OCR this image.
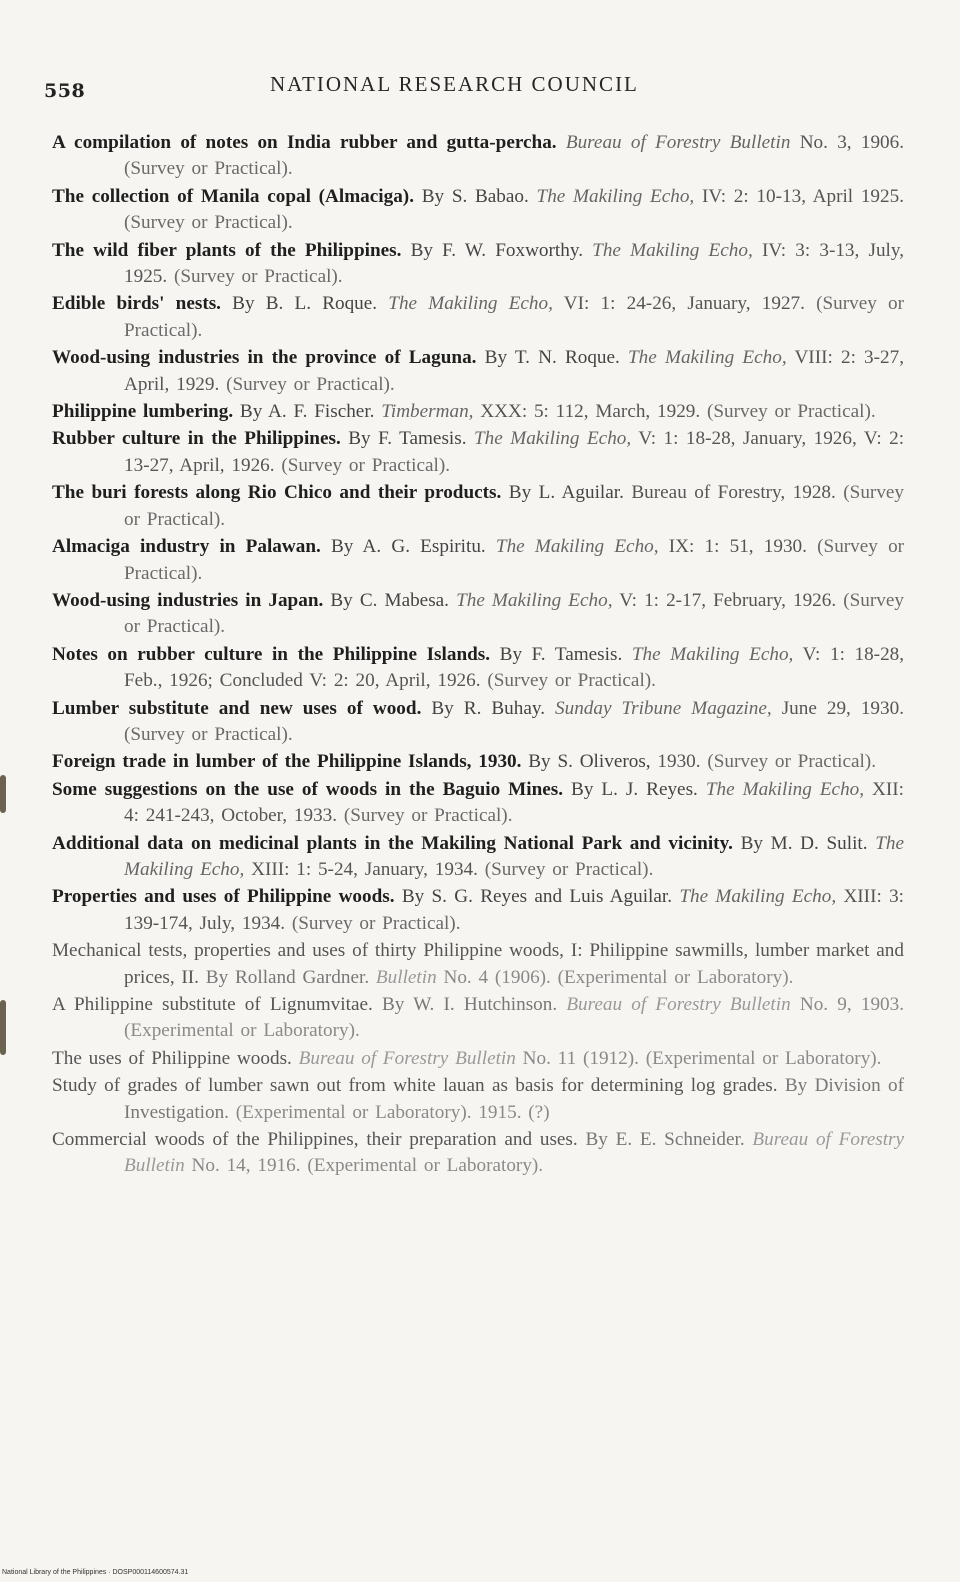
558	NATIONAL RESEARCH COUNCIL
A compilation of notes on India rubber and gutta-percha. Bureau of Forestry Bulletin No. 3, 1906. (Survey or Practical).
The collection of Manila copal (Almaciga). By S. Babao. The Makiling Echo, IV: 2: 10-13, April 1925. (Survey or Practical).
The wild fiber plants of the Philippines. By F. W. Foxworthy. The Makiling Echo, IV: 3: 3-13, July, 1925. (Survey or Practical).
Edible birds' nests. By B. L. Roque. The Makiling Echo, VI: 1: 24-26, January, 1927. (Survey or Practical).
Wood-using industries in the province of Laguna. By T. N. Roque. The Makiling Echo, VIII: 2: 3-27, April, 1929. (Survey or Practical).
Philippine lumbering. By A. F. Fischer. Timberman, XXX: 5: 112, March, 1929. (Survey or Practical).
Rubber culture in the Philippines. By F. Tamesis. The Makiling Echo, V: 1: 18-28, January, 1926, V: 2: 13-27, April, 1926. (Survey or Practical).
The buri forests along Rio Chico and their products. By L. Aguilar. Bureau of Forestry, 1928. (Survey or Practical).
Almaciga industry in Palawan. By A. G. Espiritu. The Makiling Echo, IX: 1: 51, 1930. (Survey or Practical).
Wood-using industries in Japan. By C. Mabesa. The Makiling Echo, V: 1: 2-17, February, 1926. (Survey or Practical).
Notes on rubber culture in the Philippine Islands. By F. Tamesis. The Makiling Echo, V: 1: 18-28, Feb., 1926; Concluded V: 2: 20, April, 1926. (Survey or Practical).
Lumber substitute and new uses of wood. By R. Buhay. Sunday Tribune Magazine, June 29, 1930. (Survey or Practical).
Foreign trade in lumber of the Philippine Islands, 1930. By S. Oliveros, 1930. (Survey or Practical).
Some suggestions on the use of woods in the Baguio Mines. By L. J. Reyes. The Makiling Echo, XII: 4: 241-243, October, 1933. (Survey or Practical).
Additional data on medicinal plants in the Makiling National Park and vicinity. By M. D. Sulit. The Makiling Echo, XIII: 1: 5-24, January, 1934. (Survey or Practical).
Properties and uses of Philippine woods. By S. G. Reyes and Luis Aguilar. The Makiling Echo, XIII: 3: 139-174, July, 1934. (Survey or Practical).
Mechanical tests, properties and uses of thirty Philippine woods, I: Philippine sawmills, lumber market and prices, II. By Rolland Gardner. Bulletin No. 4 (1906). (Experimental or Laboratory).
A Philippine substitute of Lignumvitae. By W. I. Hutchinson. Bureau of Forestry Bulletin No. 9, 1903. (Experimental or Laboratory).
The uses of Philippine woods. Bureau of Forestry Bulletin No. 11 (1912). (Experimental or Laboratory).
Study of grades of lumber sawn out from white lauan as basis for determining log grades. By Division of Investigation. (Experimental or Laboratory). 1915. (?)
Commercial woods of the Philippines, their preparation and uses. By E. E. Schneider. Bureau of Forestry Bulletin No. 14, 1916. (Experimental or Laboratory).
National Library of the Philippines · DOSP000114600574.31
